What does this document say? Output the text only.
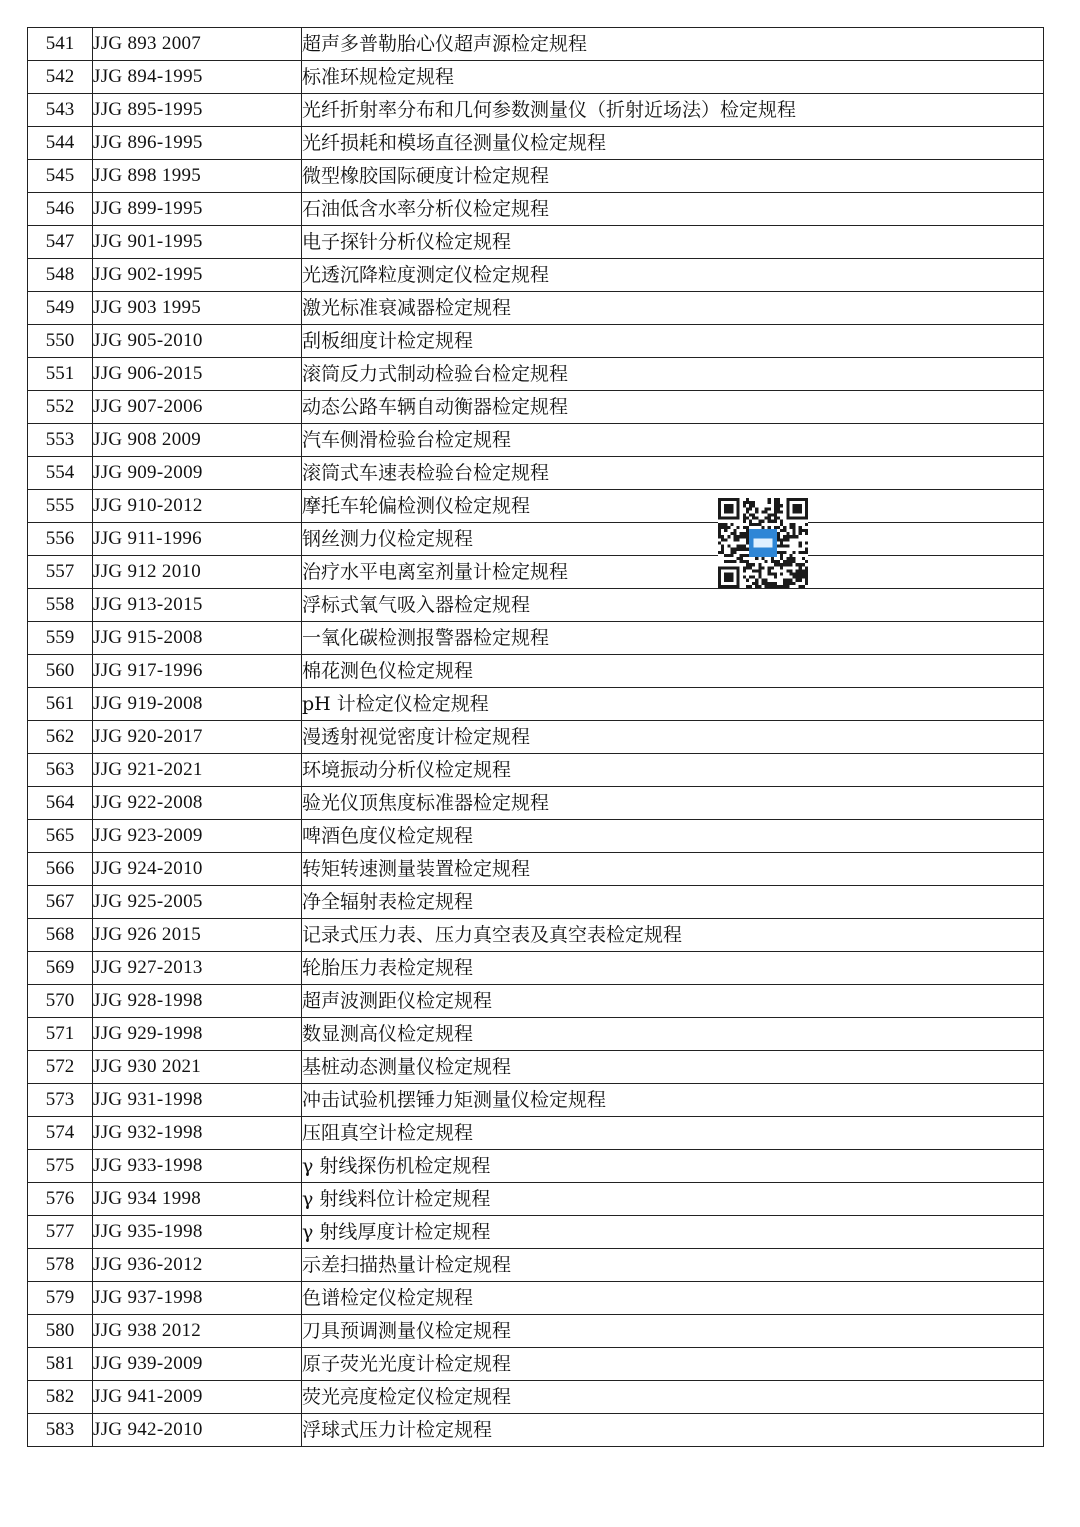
541	JJG 893 2007	超声多普勒胎心仪超声源检定规程
542	JJG 894-1995	标准环规检定规程
543	JJG 895-1995	光纤折射率分布和几何参数测量仪（折射近场法）检定规程
544	JJG 896-1995	光纤损耗和模场直径测量仪检定规程
545	JJG 898 1995	微型橡胶国际硬度计检定规程
546	JJG 899-1995	石油低含水率分析仪检定规程
547	JJG 901-1995	电子探针分析仪检定规程
548	JJG 902-1995	光透沉降粒度测定仪检定规程
549	JJG 903 1995	激光标准衰减器检定规程
550	JJG 905-2010	刮板细度计检定规程
551	JJG 906-2015	滚筒反力式制动检验台检定规程
552	JJG 907-2006	动态公路车辆自动衡器检定规程
553	JJG 908 2009	汽车侧滑检验台检定规程
554	JJG 909-2009	滚筒式车速表检验台检定规程
555	JJG 910-2012	摩托车轮偏检测仪检定规程
556	JJG 911-1996	钢丝测力仪检定规程
557	JJG 912 2010	治疗水平电离室剂量计检定规程
558	JJG 913-2015	浮标式氧气吸入器检定规程
559	JJG 915-2008	一氧化碳检测报警器检定规程
560	JJG 917-1996	棉花测色仪检定规程
561	JJG 919-2008	pH 计检定仪检定规程
562	JJG 920-2017	漫透射视觉密度计检定规程
563	JJG 921-2021	环境振动分析仪检定规程
564	JJG 922-2008	验光仪顶焦度标准器检定规程
565	JJG 923-2009	啤酒色度仪检定规程
566	JJG 924-2010	转矩转速测量装置检定规程
567	JJG 925-2005	净全辐射表检定规程
568	JJG 926 2015	记录式压力表、压力真空表及真空表检定规程
569	JJG 927-2013	轮胎压力表检定规程
570	JJG 928-1998	超声波测距仪检定规程
571	JJG 929-1998	数显测高仪检定规程
572	JJG 930 2021	基桩动态测量仪检定规程
573	JJG 931-1998	冲击试验机摆锤力矩测量仪检定规程
574	JJG 932-1998	压阻真空计检定规程
575	JJG 933-1998	γ 射线探伤机检定规程
576	JJG 934 1998	γ 射线料位计检定规程
577	JJG 935-1998	γ 射线厚度计检定规程
578	JJG 936-2012	示差扫描热量计检定规程
579	JJG 937-1998	色谱检定仪检定规程
580	JJG 938 2012	刀具预调测量仪检定规程
581	JJG 939-2009	原子荧光光度计检定规程
582	JJG 941-2009	荧光亮度检定仪检定规程
583	JJG 942-2010	浮球式压力计检定规程
